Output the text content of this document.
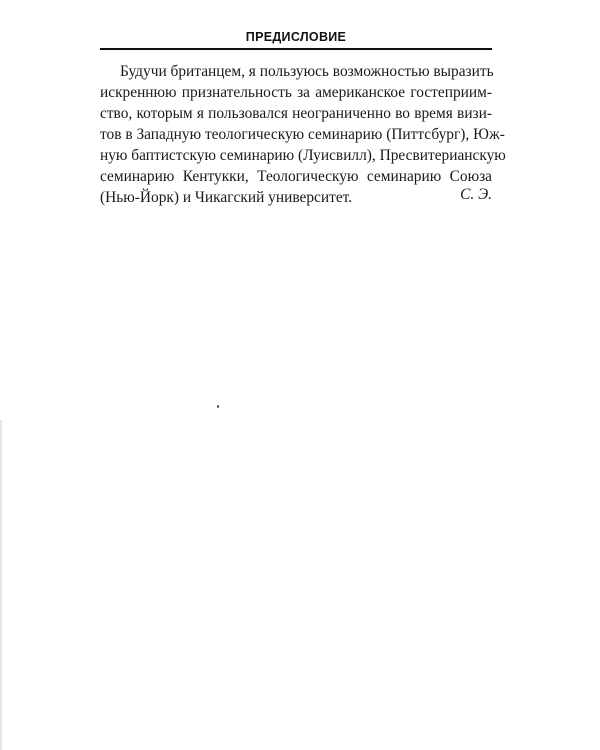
ПРЕДИСЛОВИЕ
Будучи британцем, я пользуюсь возможностью выразить
искреннюю признательность за американское гостеприим-
ство, которым я пользовался неограниченно во время визи-
тов в Западную теологическую семинарию (Питтсбург), Юж-
ную баптистскую семинарию (Луисвилл), Пресвитерианскую
семинарию Кентукки, Теологическую семинарию Союза
(Нью-Йорк) и Чикагский университет.	С. Э.
